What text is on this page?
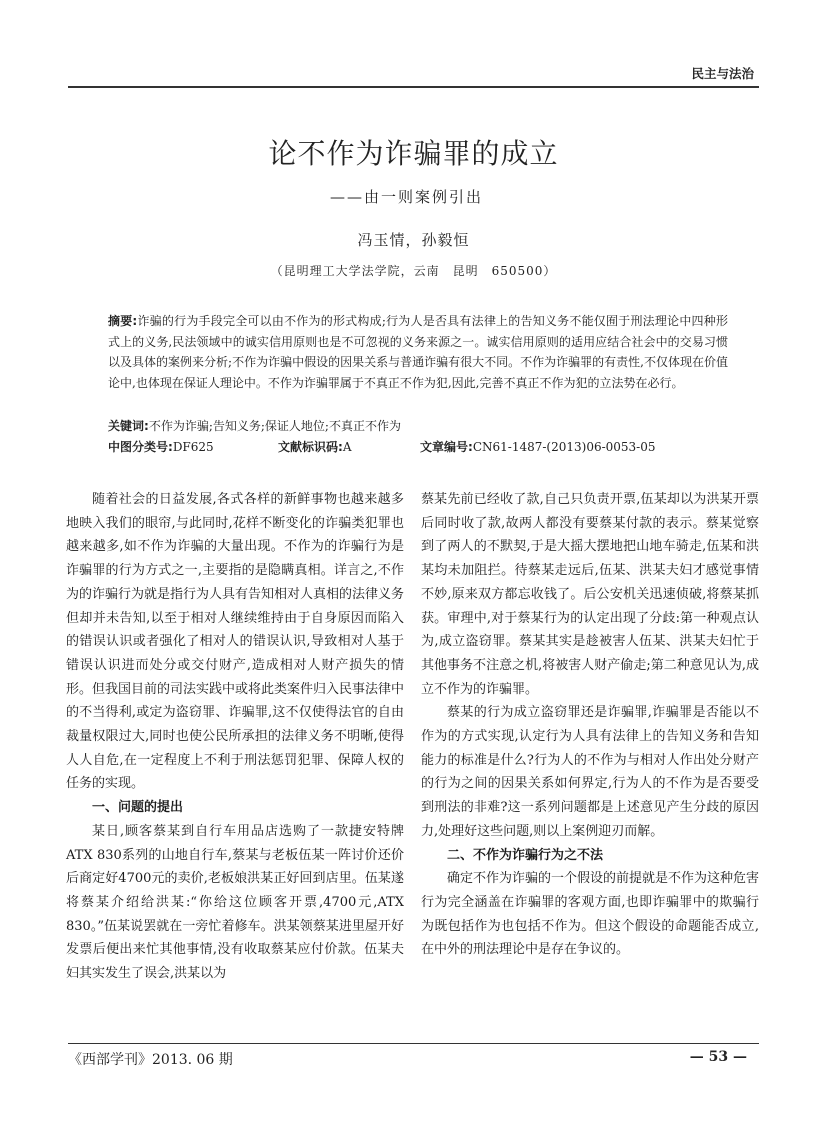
民主与法治
论不作为诈骗罪的成立
——由一则案例引出
冯玉情，孙毅恒
（昆明理工大学法学院，云南　昆明　650500）
摘要:诈骗的行为手段完全可以由不作为的形式构成;行为人是否具有法律上的告知义务不能仅囿于刑法理论中四种形式上的义务,民法领域中的诚实信用原则也是不可忽视的义务来源之一。诚实信用原则的适用应结合社会中的交易习惯以及具体的案例来分析;不作为诈骗中假设的因果关系与普通诈骗有很大不同。不作为诈骗罪的有责性,不仅体现在价值论中,也体现在保证人理论中。不作为诈骗罪属于不真正不作为犯,因此,完善不真正不作为犯的立法势在必行。
关键词:不作为诈骗;告知义务;保证人地位;不真正不作为
中图分类号:DF625	文献标识码:A	文章编号:CN61-1487-(2013)06-0053-05

随着社会的日益发展,各式各样的新鲜事物也越来越多地映入我们的眼帘,与此同时,花样不断变化的诈骗类犯罪也越来越多,如不作为诈骗的大量出现。不作为的诈骗行为是诈骗罪的行为方式之一,主要指的是隐瞒真相。详言之,不作为的诈骗行为就是指行为人具有告知相对人真相的法律义务但却并未告知,以至于相对人继续维持由于自身原因而陷入的错误认识或者强化了相对人的错误认识,导致相对人基于错误认识进而处分或交付财产,造成相对人财产损失的情形。但我国目前的司法实践中或将此类案件归入民事法律中的不当得利,或定为盗窃罪、诈骗罪,这不仅使得法官的自由裁量权限过大,同时也使公民所承担的法律义务不明晰,使得人人自危,在一定程度上不利于刑法惩罚犯罪、保障人权的任务的实现。

一、问题的提出

某日,顾客蔡某到自行车用品店选购了一款捷安特牌ATX 830系列的山地自行车,蔡某与老板伍某一阵讨价还价后商定好4700元的卖价,老板娘洪某正好回到店里。伍某遂将蔡某介绍给洪某:“你给这位顾客开票,4700元,ATX 830。”伍某说罢就在一旁忙着修车。洪某领蔡某进里屋开好发票后便出来忙其他事情,没有收取蔡某应付价款。伍某夫妇其实发生了误会,洪某以为

蔡某先前已经收了款,自己只负责开票,伍某却以为洪某开票后同时收了款,故两人都没有要蔡某付款的表示。蔡某觉察到了两人的不默契,于是大摇大摆地把山地车骑走,伍某和洪某均未加阻拦。待蔡某走远后,伍某、洪某夫妇才感觉事情不妙,原来双方都忘收钱了。后公安机关迅速侦破,将蔡某抓获。审理中,对于蔡某行为的认定出现了分歧:第一种观点认为,成立盗窃罪。蔡某其实是趁被害人伍某、洪某夫妇忙于其他事务不注意之机,将被害人财产偷走;第二种意见认为,成立不作为的诈骗罪。

蔡某的行为成立盗窃罪还是诈骗罪,诈骗罪是否能以不作为的方式实现,认定行为人具有法律上的告知义务和告知能力的标准是什么?行为人的不作为与相对人作出处分财产的行为之间的因果关系如何界定,行为人的不作为是否要受到刑法的非难?这一系列问题都是上述意见产生分歧的原因力,处理好这些问题,则以上案例迎刃而解。

二、不作为诈骗行为之不法

确定不作为诈骗的一个假设的前提就是不作为这种危害行为完全涵盖在诈骗罪的客观方面,也即诈骗罪中的欺骗行为既包括作为也包括不作为。但这个假设的命题能否成立,在中外的刑法理论中是存在争议的。

《西部学刊》2013. 06 期	— 53 —
